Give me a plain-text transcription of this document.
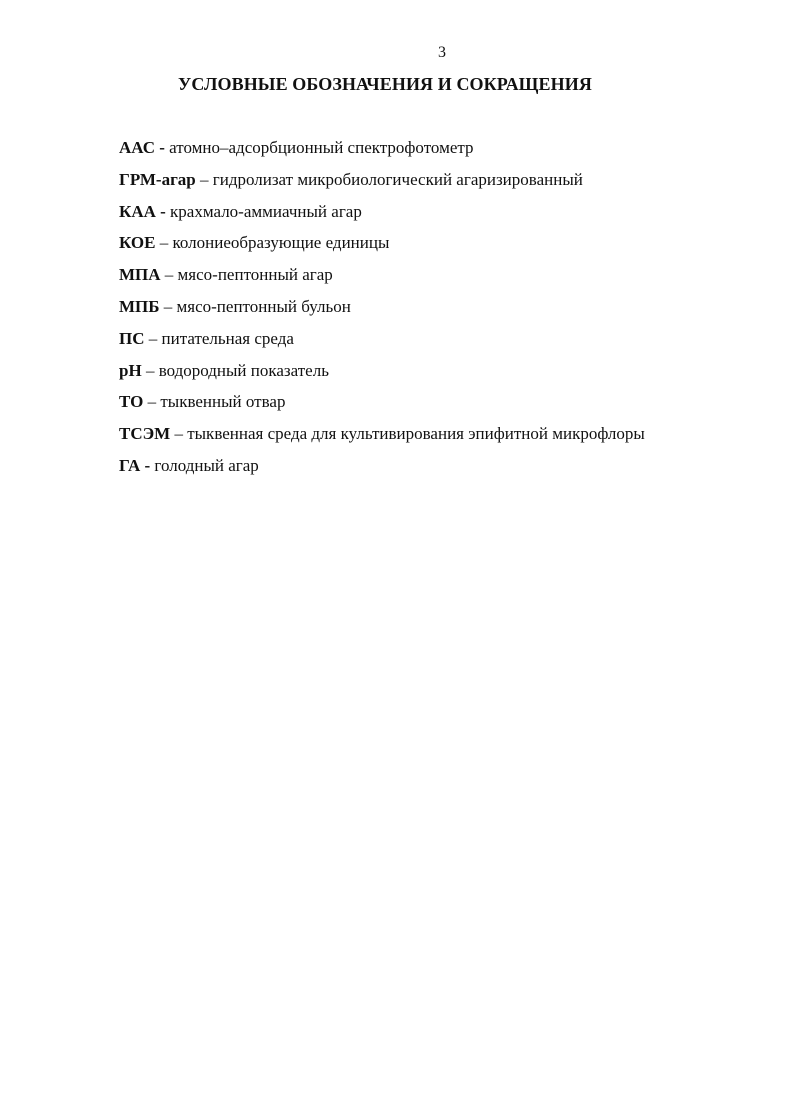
3
УСЛОВНЫЕ ОБОЗНАЧЕНИЯ И СОКРАЩЕНИЯ
ААС - атомно–адсорбционный спектрофотометр
ГРМ-агар – гидролизат микробиологический агаризированный
КАА - крахмало-аммиачный агар
КОЕ – колониеобразующие единицы
МПА – мясо-пептонный агар
МПБ – мясо-пептонный бульон
ПС – питательная среда
pH – водородный показатель
ТО – тыквенный отвар
ТСЭМ – тыквенная среда для культивирования эпифитной микрофлоры
ГА - голодный агар
